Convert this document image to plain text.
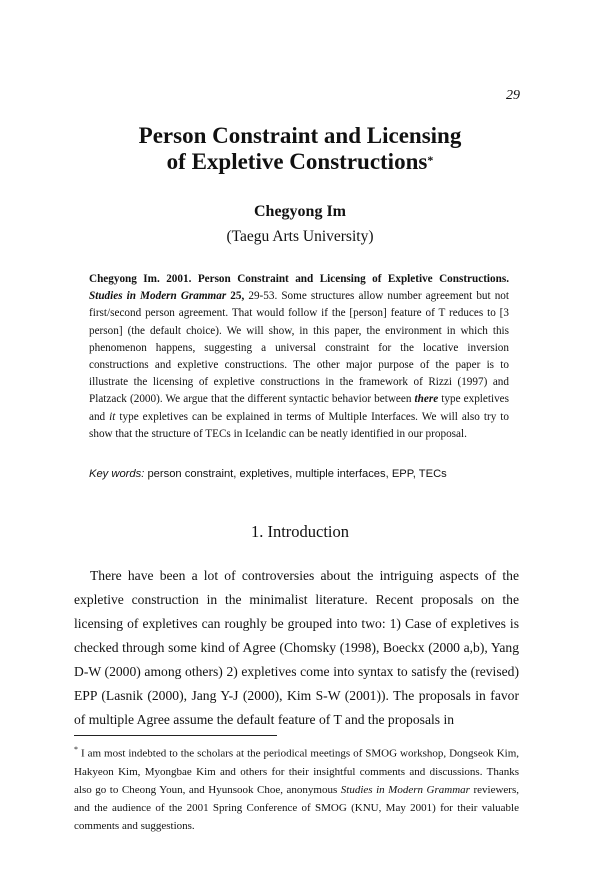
29
Person Constraint and Licensing
of Expletive Constructions*
Chegyong Im
(Taegu Arts University)
Chegyong Im. 2001. Person Constraint and Licensing of Expletive Constructions. Studies in Modern Grammar 25, 29-53. Some structures allow number agreement but not first/second person agreement. That would follow if the [person] feature of T reduces to [3 person] (the default choice). We will show, in this paper, the environment in which this phenomenon happens, suggesting a universal constraint for the locative inversion constructions and expletive constructions. The other major purpose of the paper is to illustrate the licensing of expletive constructions in the framework of Rizzi (1997) and Platzack (2000). We argue that the different syntactic behavior between there type expletives and it type expletives can be explained in terms of Multiple Interfaces. We will also try to show that the structure of TECs in Icelandic can be neatly identified in our proposal.
Key words: person constraint, expletives, multiple interfaces, EPP, TECs
1. Introduction
There have been a lot of controversies about the intriguing aspects of the expletive construction in the minimalist literature. Recent proposals on the licensing of expletives can roughly be grouped into two: 1) Case of expletives is checked through some kind of Agree (Chomsky (1998), Boeckx (2000 a,b), Yang D-W (2000) among others) 2) expletives come into syntax to satisfy the (revised) EPP (Lasnik (2000), Jang Y-J (2000), Kim S-W (2001)). The proposals in favor of multiple Agree assume the default feature of T and the proposals in
* I am most indebted to the scholars at the periodical meetings of SMOG workshop, Dongseok Kim, Hakyeon Kim, Myongbae Kim and others for their insightful comments and discussions. Thanks also go to Cheong Youn, and Hyunsook Choe, anonymous Studies in Modern Grammar reviewers, and the audience of the 2001 Spring Conference of SMOG (KNU, May 2001) for their valuable comments and suggestions.
